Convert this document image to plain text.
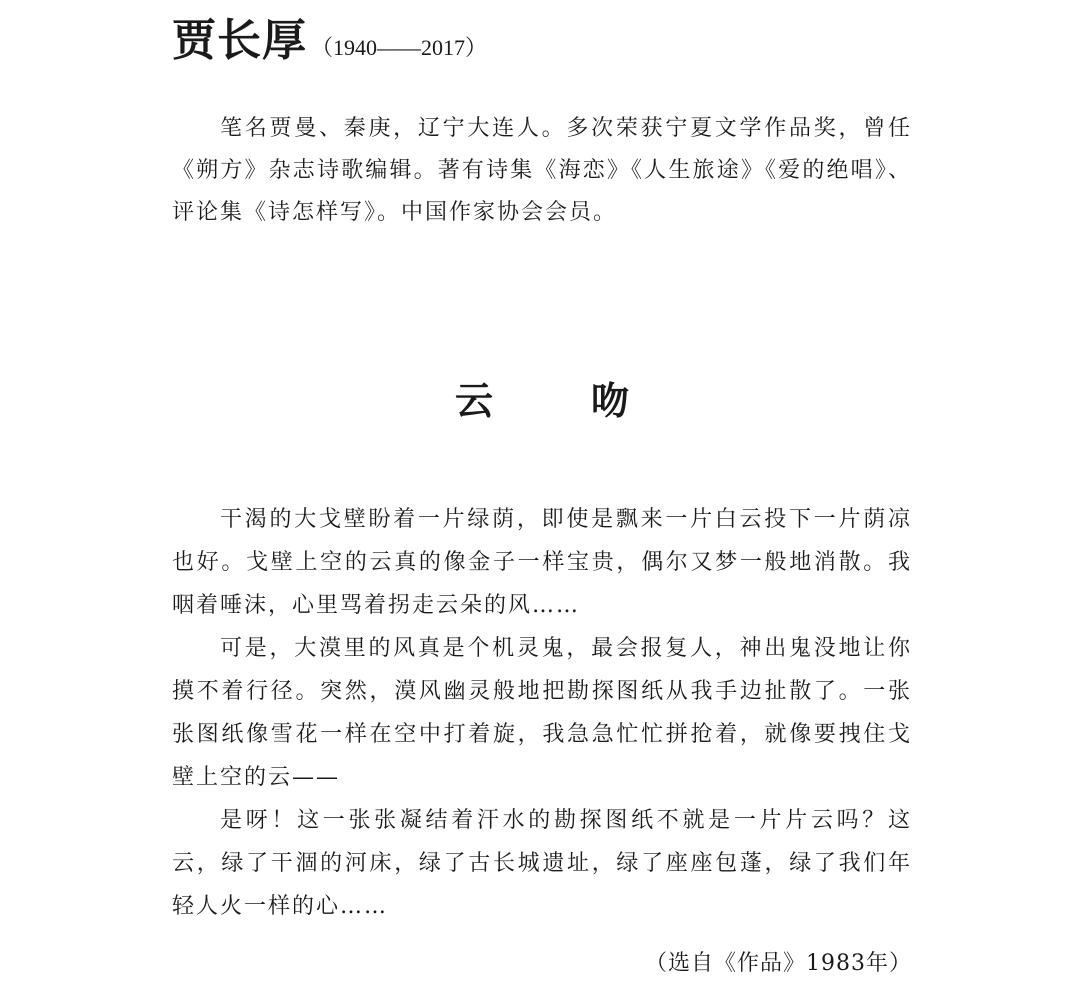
贾长厚 （1940——2017）

笔名贾曼、秦庚，辽宁大连人。多次荣获宁夏文学作品奖，曾任《朔方》杂志诗歌编辑。著有诗集《海恋》《人生旅途》《爱的绝唱》、评论集《诗怎样写》。中国作家协会会员。

云　吻

干渴的大戈壁盼着一片绿荫，即使是飘来一片白云投下一片荫凉也好。戈壁上空的云真的像金子一样宝贵，偶尔又梦一般地消散。我咽着唾沫，心里骂着拐走云朵的风……

可是，大漠里的风真是个机灵鬼，最会报复人，神出鬼没地让你摸不着行径。突然，漠风幽灵般地把勘探图纸从我手边扯散了。一张张图纸像雪花一样在空中打着旋，我急急忙忙拼抢着，就像要拽住戈壁上空的云——

是呀！这一张张凝结着汗水的勘探图纸不就是一片片云吗？这云，绿了干涸的河床，绿了古长城遗址，绿了座座包蓬，绿了我们年轻人火一样的心……

（选自《作品》1983年）
